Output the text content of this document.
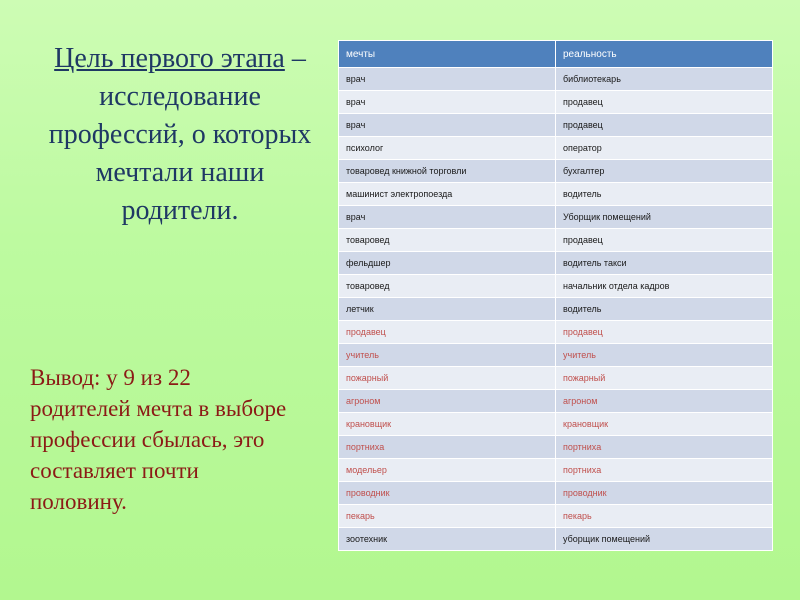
Цель первого этапа – исследование профессий, о которых мечтали наши родители.
мечты	реальность
врач	библиотекарь
врач	продавец
врач	продавец
психолог	оператор
товаровед книжной торговли	бухгалтер
машинист электропоезда	водитель
врач	Уборщик помещений
товаровед	продавец
фельдшер	водитель такси
товаровед	начальник отдела кадров
летчик	водитель
продавец	продавец
учитель	учитель
пожарный	пожарный
агроном	агроном
крановщик	крановщик
портниха	портниха
модельер	портниха
проводник	проводник
пекарь	пекарь
зоотехник	уборщик помещений

Вывод: у 9 из 22 родителей мечта в выборе профессии сбылась, это составляет почти половину.
